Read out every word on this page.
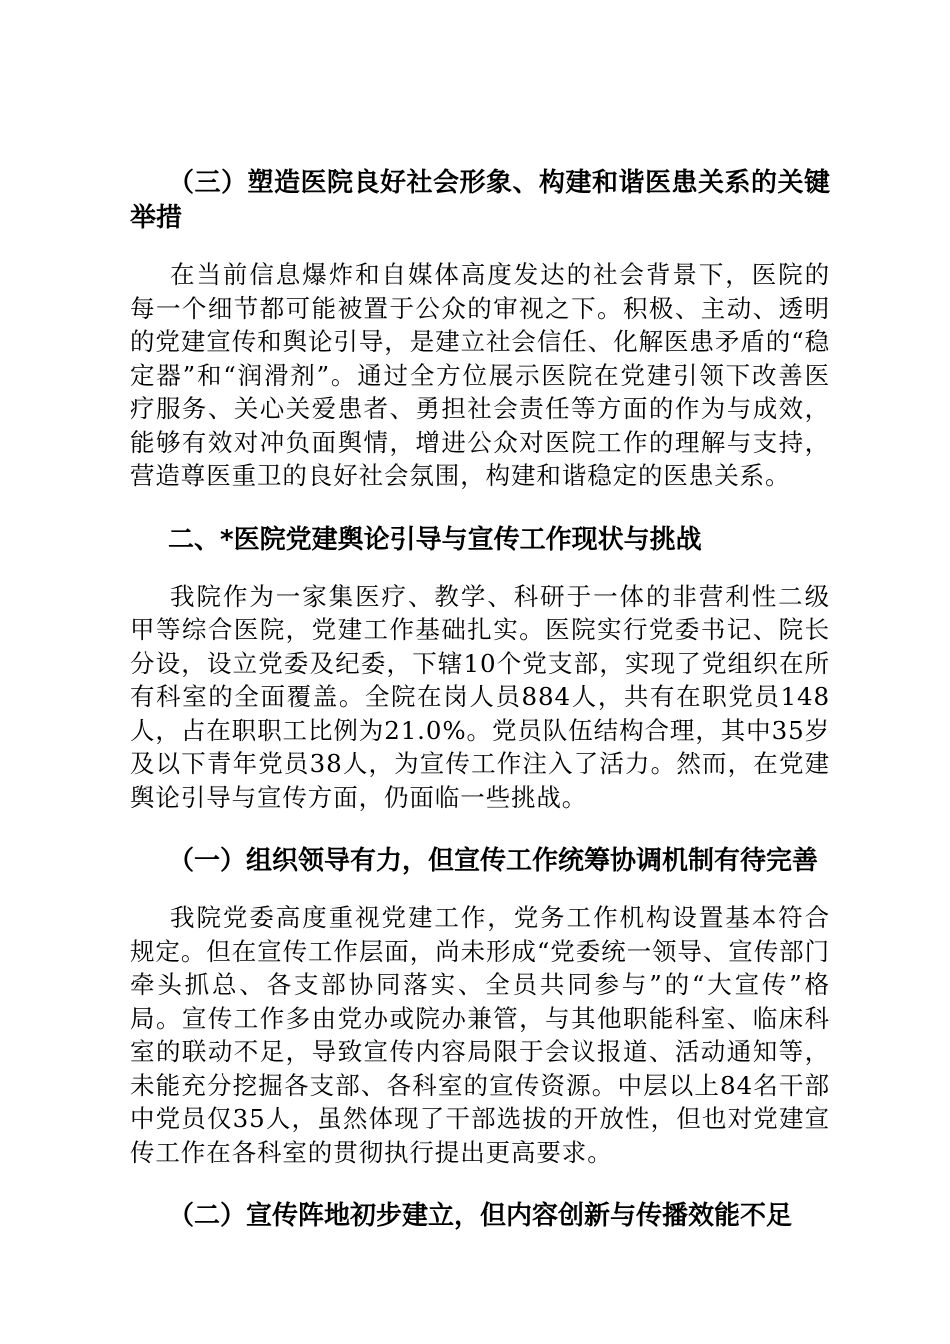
（三）塑造医院良好社会形象、构建和谐医患关系的关键举措

在当前信息爆炸和自媒体高度发达的社会背景下，医院的每一个细节都可能被置于公众的审视之下。积极、主动、透明的党建宣传和舆论引导，是建立社会信任、化解医患矛盾的“稳定器”和“润滑剂”。通过全方位展示医院在党建引领下改善医疗服务、关心关爱患者、勇担社会责任等方面的作为与成效，能够有效对冲负面舆情，增进公众对医院工作的理解与支持，营造尊医重卫的良好社会氛围，构建和谐稳定的医患关系。

二、*医院党建舆论引导与宣传工作现状与挑战

我院作为一家集医疗、教学、科研于一体的非营利性二级甲等综合医院，党建工作基础扎实。医院实行党委书记、院长分设，设立党委及纪委，下辖10个党支部，实现了党组织在所有科室的全面覆盖。全院在岗人员884人，共有在职党员148人，占在职职工比例为21.0%。党员队伍结构合理，其中35岁及以下青年党员38人，为宣传工作注入了活力。然而，在党建舆论引导与宣传方面，仍面临一些挑战。

（一）组织领导有力，但宣传工作统筹协调机制有待完善

我院党委高度重视党建工作，党务工作机构设置基本符合规定。但在宣传工作层面，尚未形成“党委统一领导、宣传部门牵头抓总、各支部协同落实、全员共同参与”的“大宣传”格局。宣传工作多由党办或院办兼管，与其他职能科室、临床科室的联动不足，导致宣传内容局限于会议报道、活动通知等，未能充分挖掘各支部、各科室的宣传资源。中层以上84名干部中党员仅35人，虽然体现了干部选拔的开放性，但也对党建宣传工作在各科室的贯彻执行提出更高要求。

（二）宣传阵地初步建立，但内容创新与传播效能不足
